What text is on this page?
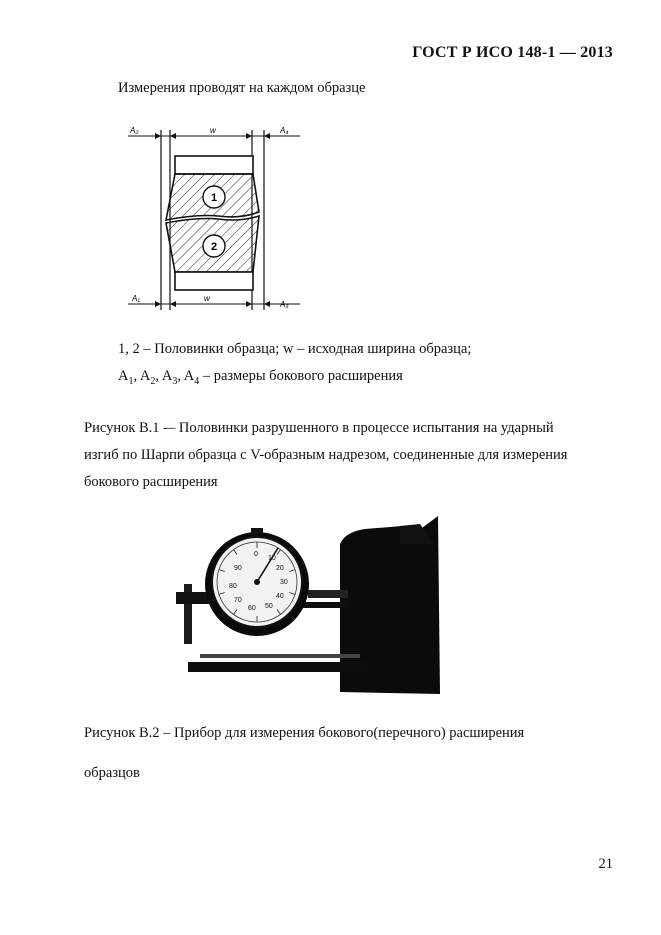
ГОСТ Р ИСО 148-1 — 2013
Измерения проводят на каждом образце
A₂	w	A₄
A₁	w
A₃
1
2
1, 2 – Половинки образца; w – исходная ширина образца;
$A_1$, $A_2$, $A_3$, $A_4$ – размеры бокового расширения
Рисунок В.1 -– Половинки разрушенного в процессе испытания на ударный
изгиб по Шарпи образца с V-образным надрезом, соединенные для измерения
бокового расширения
0
10
20
30
40
50
60
70
80
90
Рисунок В.2 – Прибор для измерения бокового(перечного) расширения
образцов
21
